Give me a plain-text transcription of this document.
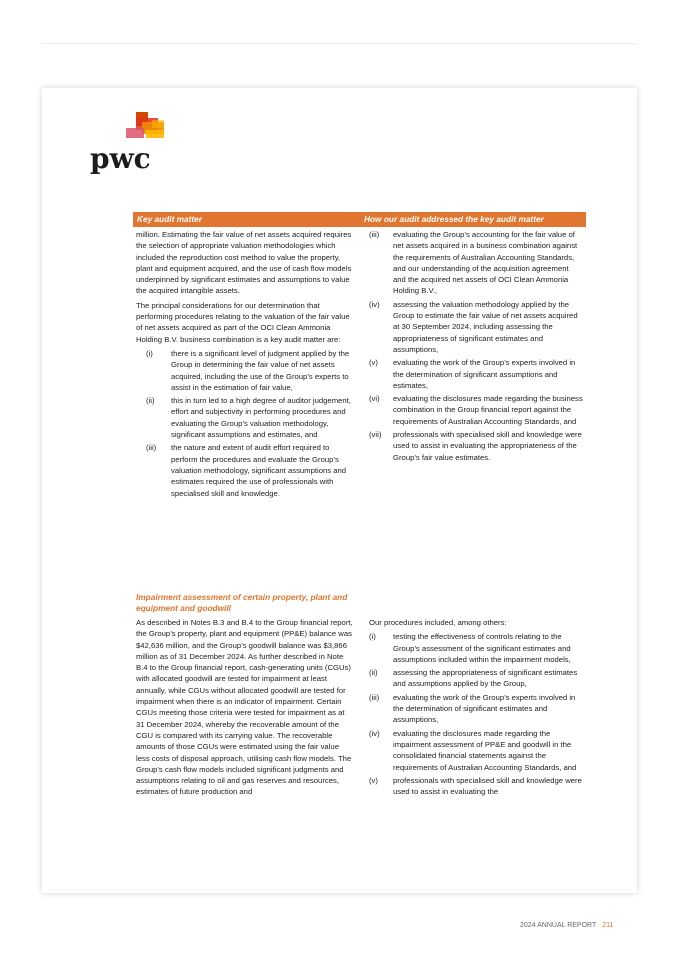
pwc
Key audit matter	How our audit addressed the key audit matter

million. Estimating the fair value of net assets acquired requires the selection of appropriate valuation methodologies which included the reproduction cost method to value the property, plant and equipment acquired, and the use of cash flow models underpinned by significant estimates and assumptions to value the acquired intangible assets.

The principal considerations for our determination that performing procedures relating to the valuation of the fair value of net assets acquired as part of the OCI Clean Ammonia Holding B.V. business combination is a key audit matter are:

(i) there is a significant level of judgment applied by the Group in determining the fair value of net assets acquired, including the use of the Group’s experts to assist in the estimation of fair value,
(ii) this in turn led to a high degree of auditor judgement, effort and subjectivity in performing procedures and evaluating the Group’s valuation methodology, significant assumptions and estimates, and
(iii) the nature and extent of audit effort required to perform the procedures and evaluate the Group’s valuation methodology, significant assumptions and estimates required the use of professionals with specialised skill and knowledge.
(iii) evaluating the Group’s accounting for the fair value of net assets acquired in a business combination against the requirements of Australian Accounting Standards, and our understanding of the acquisition agreement and the acquired net assets of OCI Clean Ammonia Holding B.V.,
(iv) assessing the valuation methodology applied by the Group to estimate the fair value of net assets acquired at 30 September 2024, including assessing the appropriateness of significant estimates and assumptions,
(v) evaluating the work of the Group’s experts involved in the determination of significant assumptions and estimates,
(vi) evaluating the disclosures made regarding the business combination in the Group financial report against the requirements of Australian Accounting Standards, and
(vii) professionals with specialised skill and knowledge were used to assist in evaluating the appropriateness of the Group’s fair value estimates.
Impairment assessment of certain property, plant and equipment and goodwill

As described in Notes B.3 and B.4 to the Group financial report, the Group’s property, plant and equipment (PP&E) balance was $42,636 million, and the Group’s goodwill balance was $3,866 million as of 31 December 2024. As further described in Note B.4 to the Group financial report, cash-generating units (CGUs) with allocated goodwill are tested for impairment at least annually, while CGUs without allocated goodwill are tested for impairment when there is an indicator of impairment. Certain CGUs meeting those criteria were tested for impairment as at 31 December 2024, whereby the recoverable amount of the CGU is compared with its carrying value. The recoverable amounts of those CGUs were estimated using the fair value less costs of disposal approach, utilising cash flow models. The Group’s cash flow models included significant judgments and assumptions relating to oil and gas reserves and resources, estimates of future production and

Our procedures included, among others:

(i) testing the effectiveness of controls relating to the Group’s assessment of the significant estimates and assumptions included within the impairment models,
(ii) assessing the appropriateness of significant estimates and assumptions applied by the Group,
(iii) evaluating the work of the Group’s experts involved in the determination of significant estimates and assumptions,
(iv) evaluating the disclosures made regarding the impairment assessment of PP&E and goodwill in the consolidated financial statements against the requirements of Australian Accounting Standards, and
(v) professionals with specialised skill and knowledge were used to assist in evaluating the
2024 ANNUAL REPORT 211
